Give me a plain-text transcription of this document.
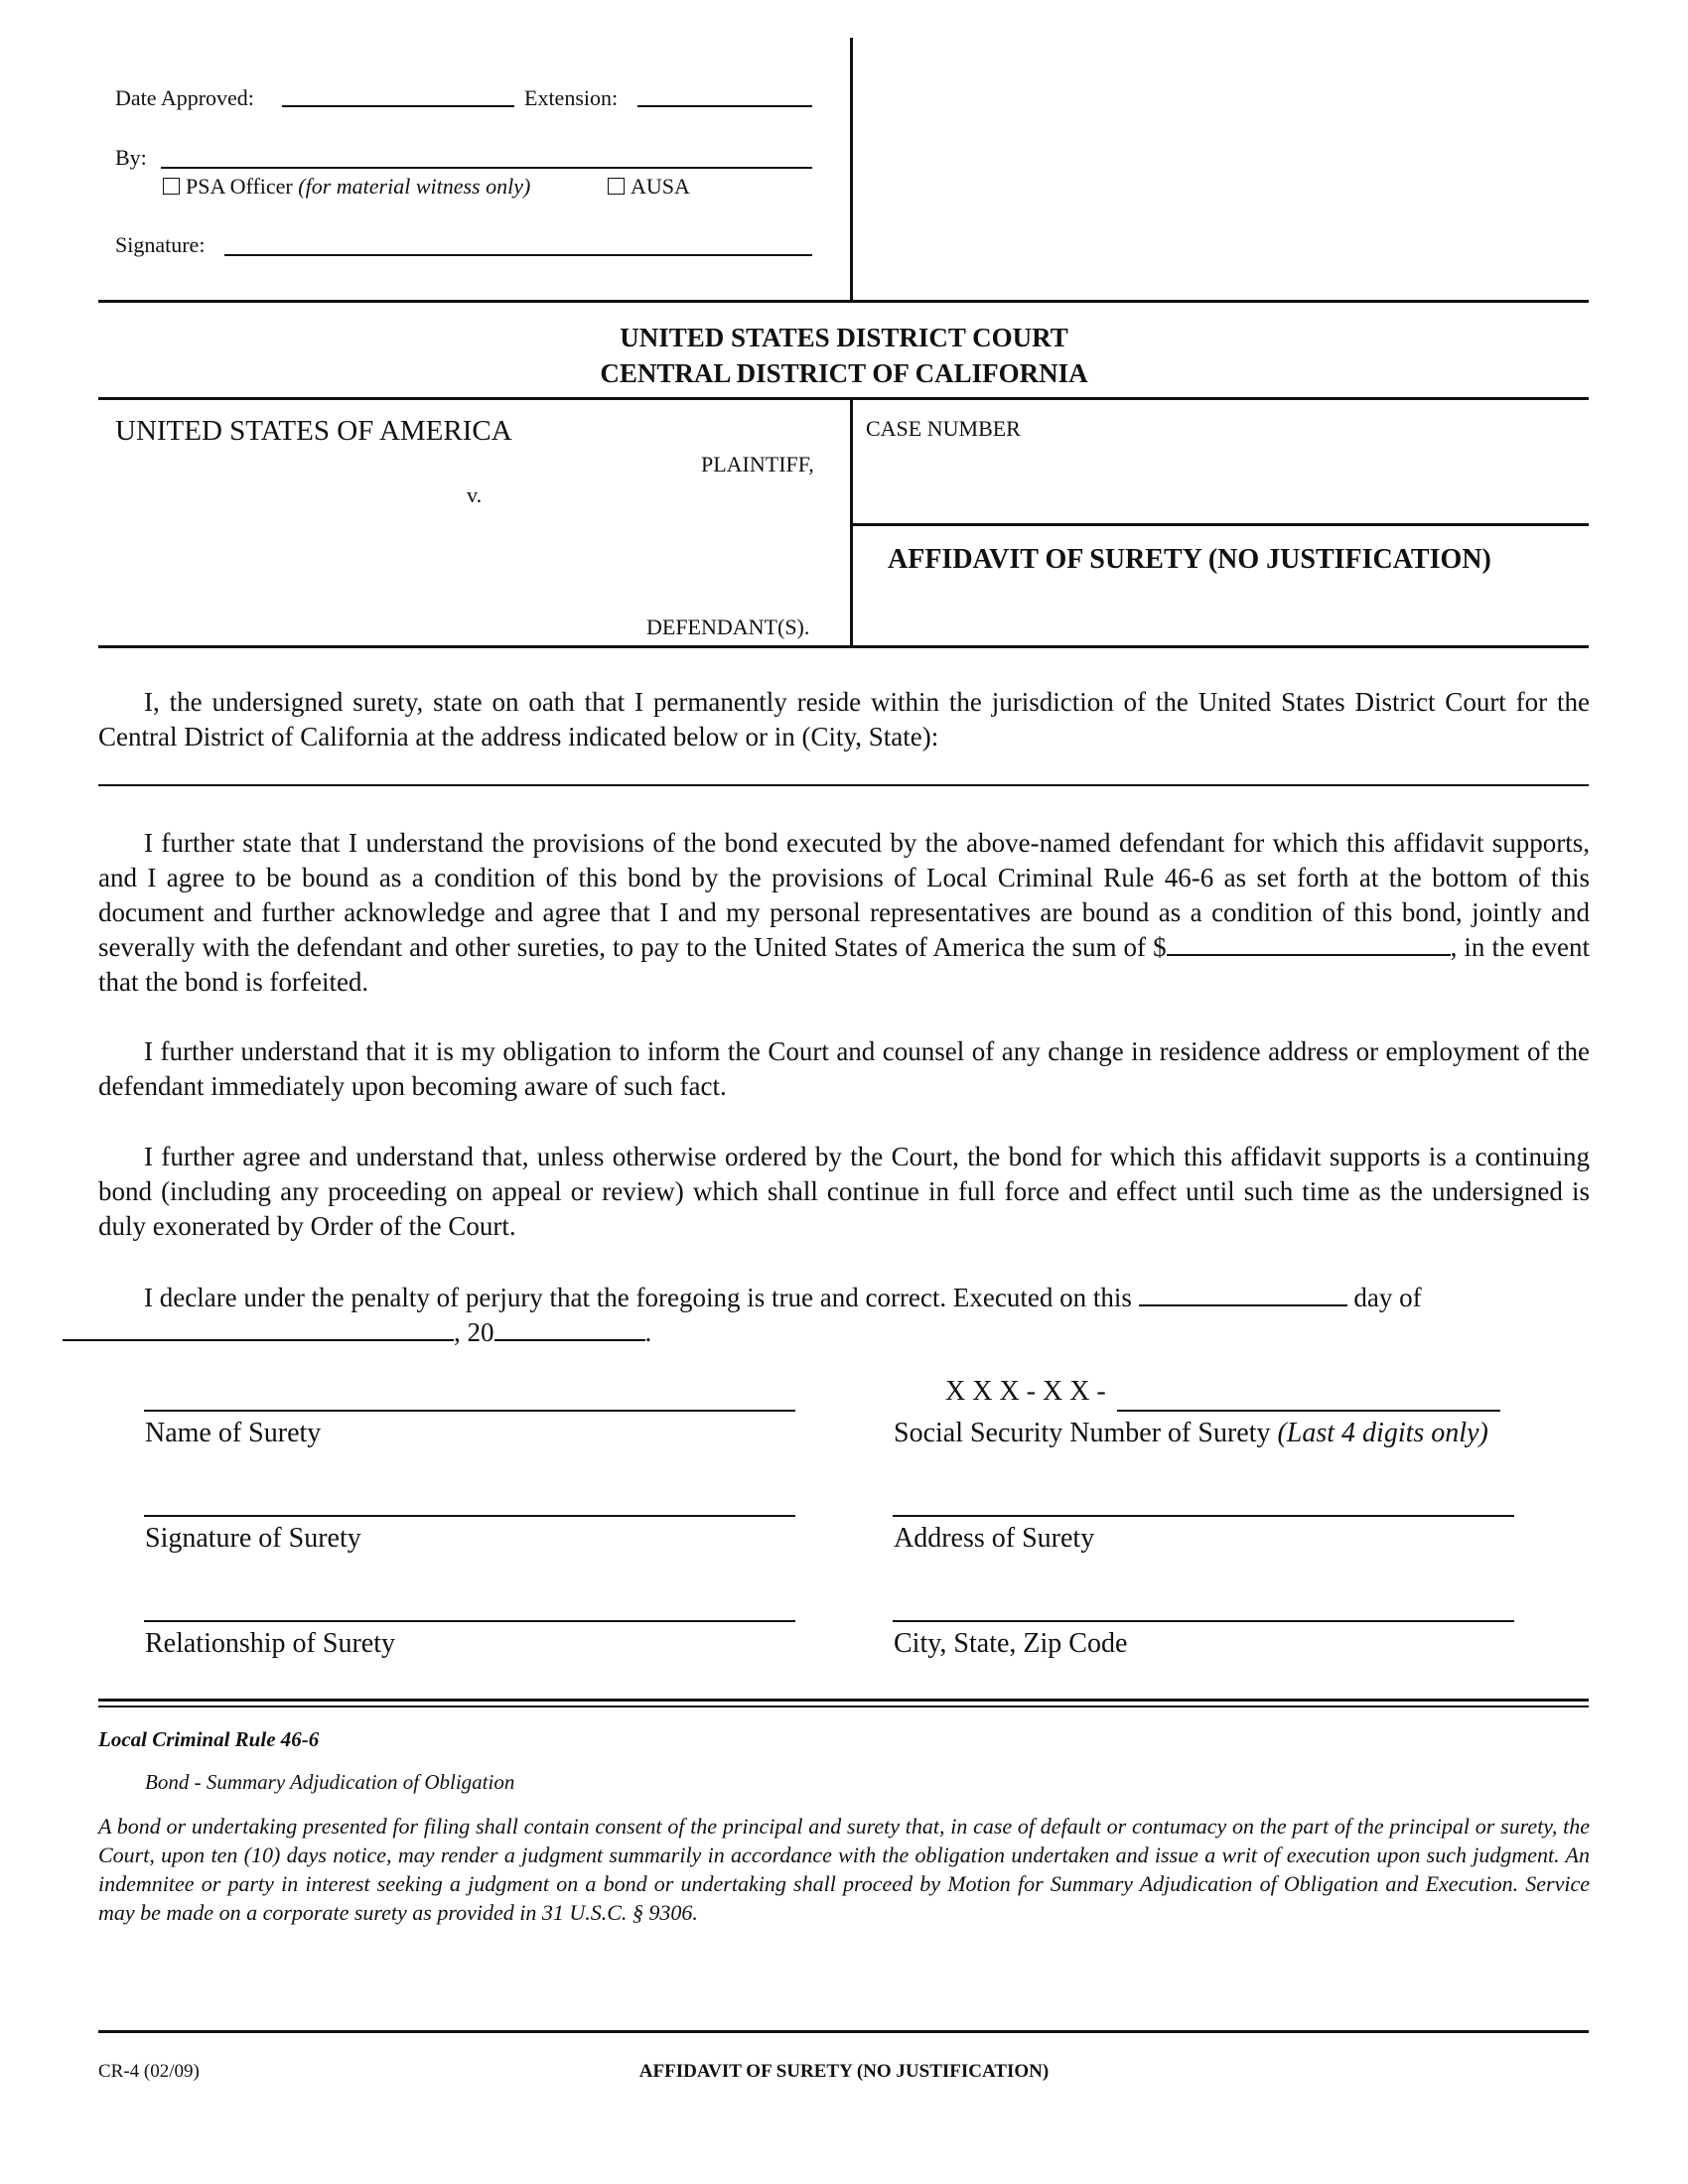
Date Approved:	Extension:
By:
PSA Officer (for material witness only)	AUSA
Signature:
UNITED STATES DISTRICT COURT
CENTRAL DISTRICT OF CALIFORNIA
UNITED STATES OF AMERICA
PLAINTIFF,
v.
DEFENDANT(S).
CASE NUMBER
AFFIDAVIT OF SURETY (NO JUSTIFICATION)
I, the undersigned surety, state on oath that I permanently reside within the jurisdiction of the United States District Court for the Central District of California at the address indicated below or in (City, State):
I further state that I understand the provisions of the bond executed by the above-named defendant for which this affidavit supports, and I agree to be bound as a condition of this bond by the provisions of Local Criminal Rule 46-6 as set forth at the bottom of this document and further acknowledge and agree that I and my personal representatives are bound as a condition of this bond, jointly and severally with the defendant and other sureties, to pay to the United States of America the sum of $	, in the event that the bond is forfeited.
I further understand that it is my obligation to inform the Court and counsel of any change in residence address or employment of the defendant immediately upon becoming aware of such fact.
I further agree and understand that, unless otherwise ordered by the Court, the bond for which this affidavit supports is a continuing bond (including any proceeding on appeal or review) which shall continue in full force and effect until such time as the undersigned is duly exonerated by Order of the Court.
I declare under the penalty of perjury that the foregoing is true and correct. Executed on this	day of
, 20	.
Name of Surety
X X X - X X -
Social Security Number of Surety (Last 4 digits only)
Signature of Surety	Address of Surety
Relationship of Surety	City, State, Zip Code
Local Criminal Rule 46-6
Bond - Summary Adjudication of Obligation
A bond or undertaking presented for filing shall contain consent of the principal and surety that, in case of default or contumacy on the part of the principal or surety, the Court, upon ten (10) days notice, may render a judgment summarily in accordance with the obligation undertaken and issue a writ of execution upon such judgment. An indemnitee or party in interest seeking a judgment on a bond or undertaking shall proceed by Motion for Summary Adjudication of Obligation and Execution. Service may be made on a corporate surety as provided in 31 U.S.C. § 9306.
CR-4 (02/09)	AFFIDAVIT OF SURETY (NO JUSTIFICATION)
